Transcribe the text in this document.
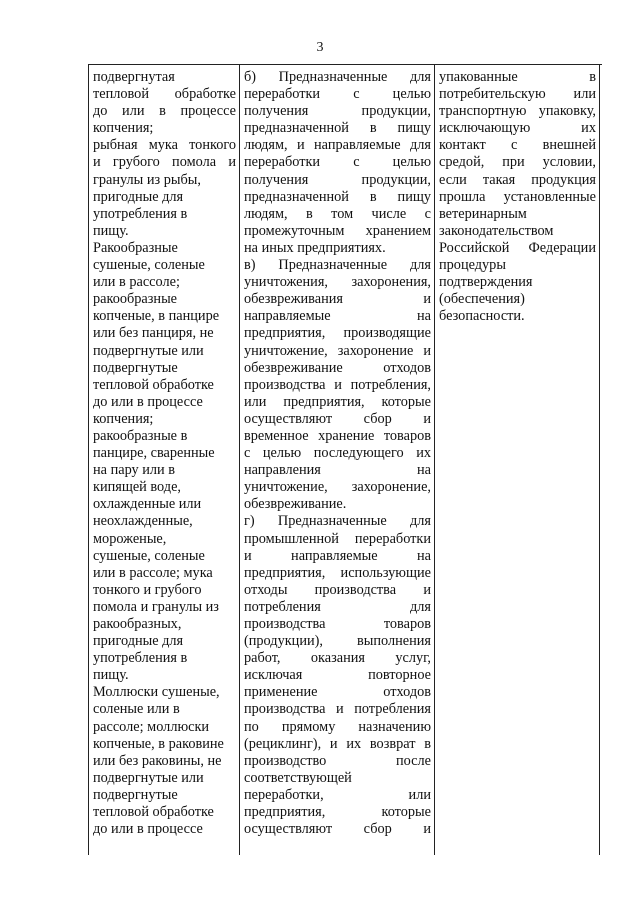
3
подвергнутая
тепловой обработке
до или в процессе
копчения;
рыбная мука тонкого
и грубого помола и
гранулы из рыбы,
пригодные для
употребления в
пищу.
Ракообразные
сушеные, соленые
или в рассоле;
ракообразные
копченые, в панцире
или без панциря, не
подвергнутые или
подвергнутые
тепловой обработке
до или в процессе
копчения;
ракообразные в
панцире, сваренные
на пару или в
кипящей воде,
охлажденные или
неохлажденные,
мороженые,
сушеные, соленые
или в рассоле; мука
тонкого и грубого
помола и гранулы из
ракообразных,
пригодные для
употребления в
пищу.
Моллюски сушеные,
соленые или в
рассоле; моллюски
копченые, в раковине
или без раковины, не
подвергнутые или
подвергнутые
тепловой обработке
до или в процессе
б) Предназначенные для
переработки с целью
получения продукции,
предназначенной в пищу
людям, и направляемые для
переработки с целью
получения продукции,
предназначенной в пищу
людям, в том числе с
промежуточным хранением
на иных предприятиях.
в) Предназначенные для
уничтожения, захоронения,
обезвреживания и
направляемые на
предприятия, производящие
уничтожение, захоронение и
обезвреживание отходов
производства и потребления,
или предприятия, которые
осуществляют сбор и
временное хранение товаров
с целью последующего их
направления на
уничтожение, захоронение,
обезвреживание.
г) Предназначенные для
промышленной переработки
и направляемые на
предприятия, использующие
отходы производства и
потребления для
производства товаров
(продукции), выполнения
работ, оказания услуг,
исключая повторное
применение отходов
производства и потребления
по прямому назначению
(рециклинг), и их возврат в
производство после
соответствующей
переработки, или
предприятия, которые
осуществляют сбор и
упакованные в
потребительскую или
транспортную упаковку,
исключающую их
контакт с внешней
средой, при условии,
если такая продукция
прошла установленные
ветеринарным
законодательством
Российской Федерации
процедуры
подтверждения
(обеспечения)
безопасности.
